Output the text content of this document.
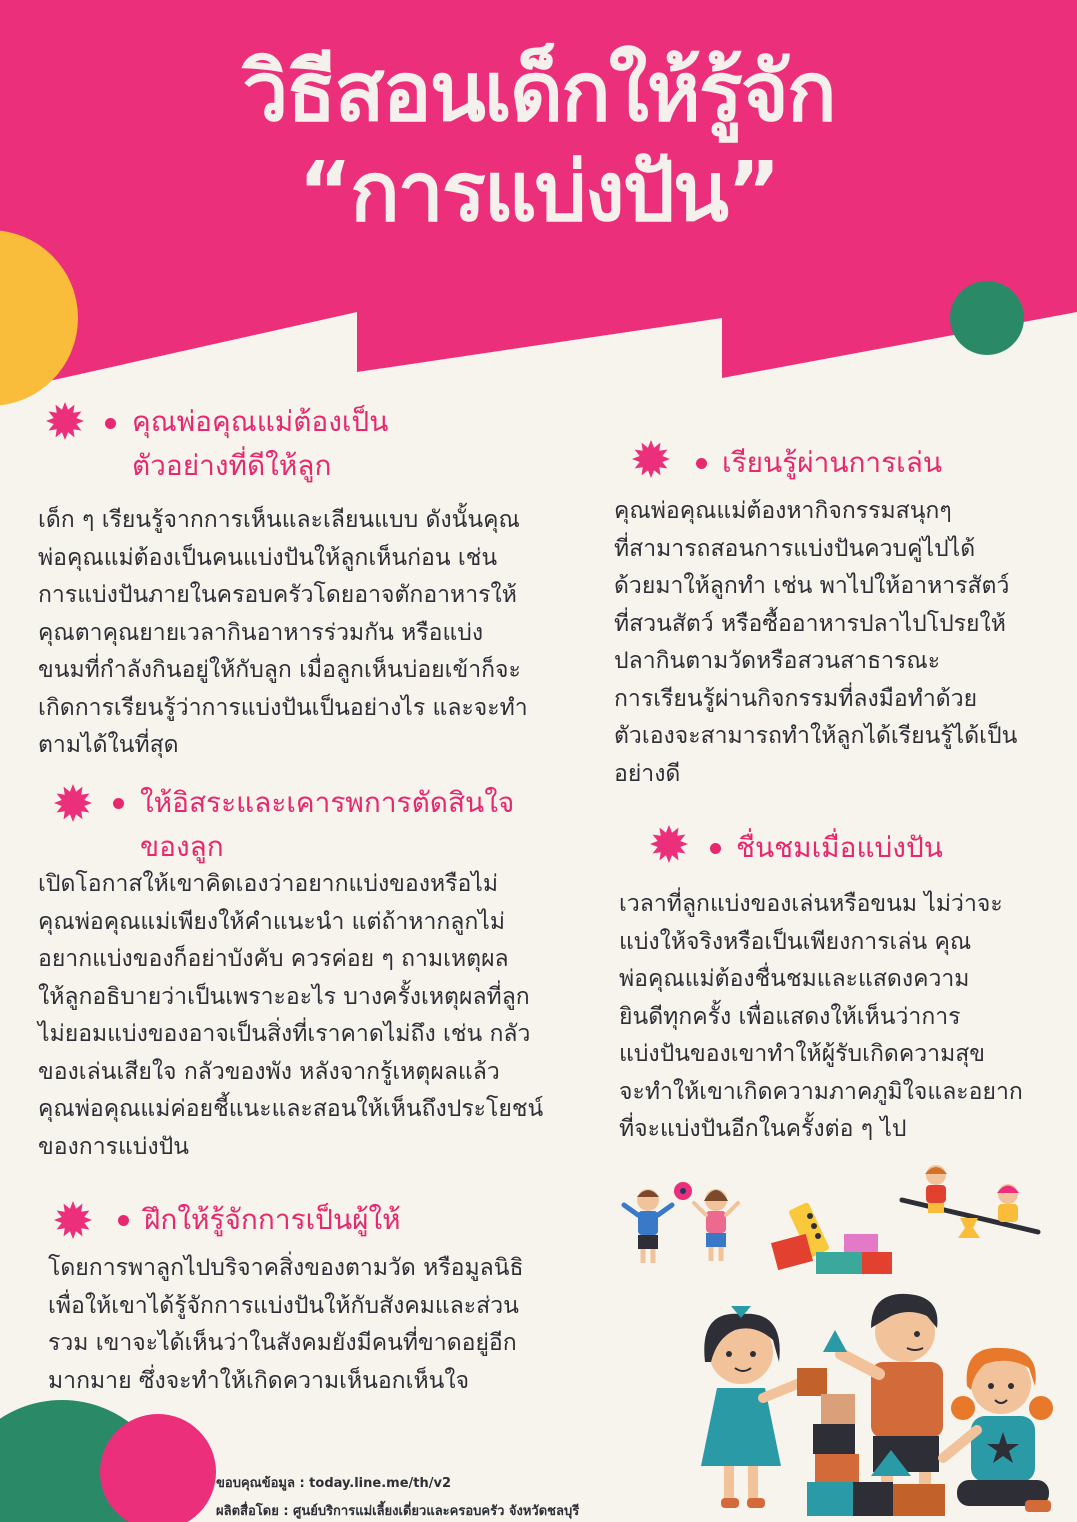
วิธีสอนเด็กให้รู้จัก
“การแบ่งปัน”
คุณพ่อคุณแม่ต้องเป็น
ตัวอย่างที่ดีให้ลูก
เด็ก ๆ เรียนรู้จากการเห็นและเลียนแบบ ดังนั้นคุณ
พ่อคุณแม่ต้องเป็นคนแบ่งปันให้ลูกเห็นก่อน เช่น
การแบ่งปันภายในครอบครัวโดยอาจตักอาหารให้
คุณตาคุณยายเวลากินอาหารร่วมกัน หรือแบ่ง
ขนมที่กำลังกินอยู่ให้กับลูก เมื่อลูกเห็นบ่อยเข้าก็จะ
เกิดการเรียนรู้ว่าการแบ่งปันเป็นอย่างไร และจะทำ
ตามได้ในที่สุด
ให้อิสระและเคารพการตัดสินใจ
ของลูก
เปิดโอกาสให้เขาคิดเองว่าอยากแบ่งของหรือไม่
คุณพ่อคุณแม่เพียงให้คำแนะนำ แต่ถ้าหากลูกไม่
อยากแบ่งของก็อย่าบังคับ ควรค่อย ๆ ถามเหตุผล
ให้ลูกอธิบายว่าเป็นเพราะอะไร บางครั้งเหตุผลที่ลูก
ไม่ยอมแบ่งของอาจเป็นสิ่งที่เราคาดไม่ถึง เช่น กลัว
ของเล่นเสียใจ กลัวของพัง หลังจากรู้เหตุผลแล้ว
คุณพ่อคุณแม่ค่อยชี้แนะและสอนให้เห็นถึงประโยชน์
ของการแบ่งปัน
ฝึกให้รู้จักการเป็นผู้ให้
โดยการพาลูกไปบริจาคสิ่งของตามวัด หรือมูลนิธิ
เพื่อให้เขาได้รู้จักการแบ่งปันให้กับสังคมและส่วน
รวม เขาจะได้เห็นว่าในสังคมยังมีคนที่ขาดอยู่อีก
มากมาย ซึ่งจะทำให้เกิดความเห็นอกเห็นใจ
เรียนรู้ผ่านการเล่น
คุณพ่อคุณแม่ต้องหากิจกรรมสนุกๆ
ที่สามารถสอนการแบ่งปันควบคู่ไปได้
ด้วยมาให้ลูกทำ เช่น พาไปให้อาหารสัตว์
ที่สวนสัตว์ หรือซื้ออาหารปลาไปโปรยให้
ปลากินตามวัดหรือสวนสาธารณะ
การเรียนรู้ผ่านกิจกรรมที่ลงมือทำด้วย
ตัวเองจะสามารถทำให้ลูกได้เรียนรู้ได้เป็น
อย่างดี
ชื่นชมเมื่อแบ่งปัน
เวลาที่ลูกแบ่งของเล่นหรือขนม ไม่ว่าจะ
แบ่งให้จริงหรือเป็นเพียงการเล่น คุณ
พ่อคุณแม่ต้องชื่นชมและแสดงความ
ยินดีทุกครั้ง เพื่อแสดงให้เห็นว่าการ
แบ่งปันของเขาทำให้ผู้รับเกิดความสุข
จะทำให้เขาเกิดความภาคภูมิใจและอยาก
ที่จะแบ่งปันอีกในครั้งต่อ ๆ ไป
ขอบคุณข้อมูล : today.line.me/th/v2
ผลิตสื่อโดย : ศูนย์บริการแม่เลี้ยงเดี่ยวและครอบครัว จังหวัดชลบุรี
